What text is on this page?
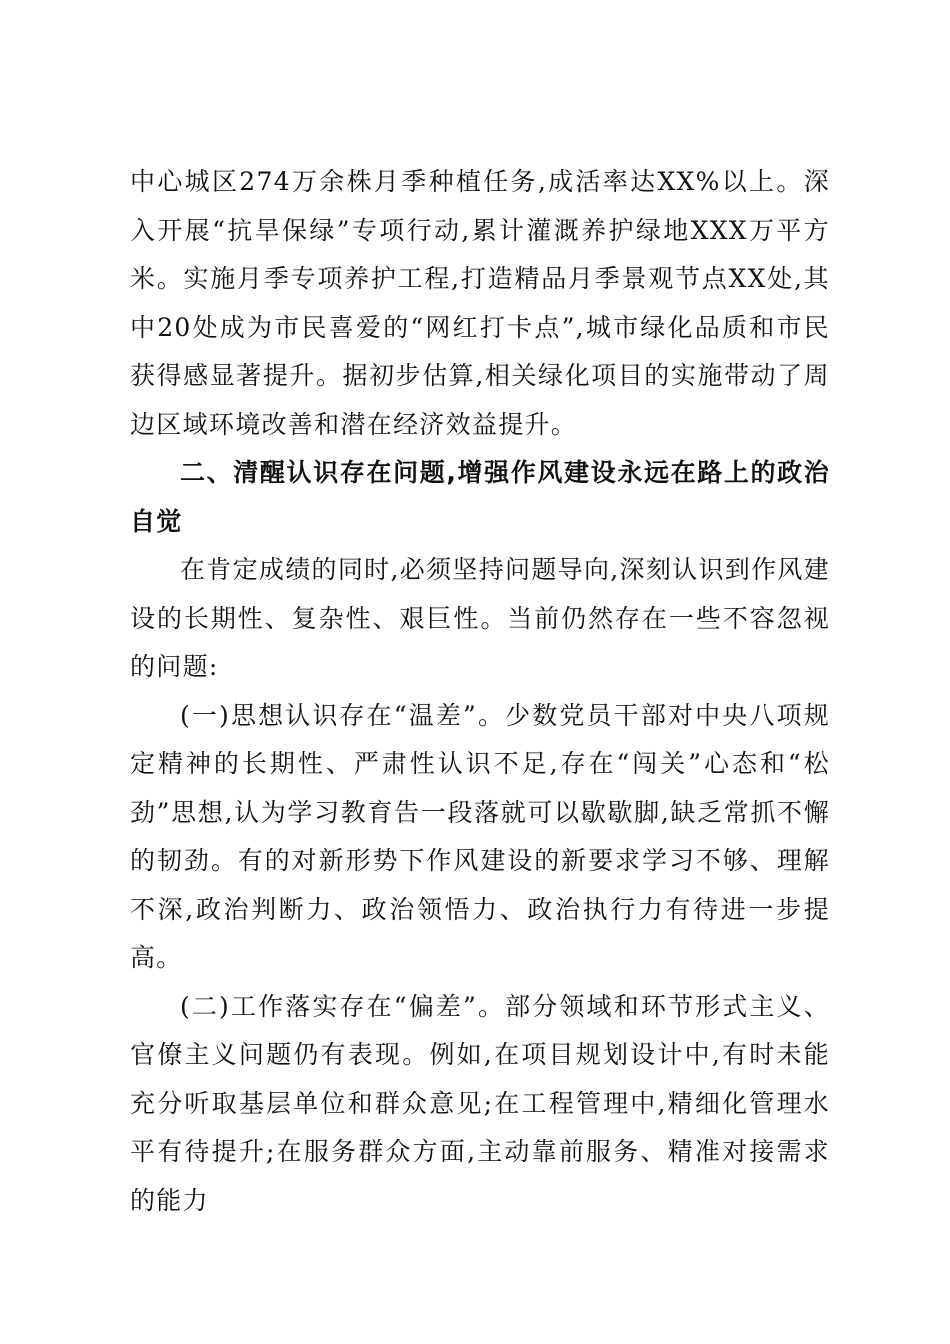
中心城区274万余株月季种植任务,成活率达XX%以上。深入开展“抗旱保绿”专项行动,累计灌溉养护绿地XXX万平方米。实施月季专项养护工程,打造精品月季景观节点XX处,其中20处成为市民喜爱的“网红打卡点”,城市绿化品质和市民获得感显著提升。据初步估算,相关绿化项目的实施带动了周边区域环境改善和潜在经济效益提升。

二、清醒认识存在问题,增强作风建设永远在路上的政治自觉

在肯定成绩的同时,必须坚持问题导向,深刻认识到作风建设的长期性、复杂性、艰巨性。当前仍然存在一些不容忽视的问题:

(一)思想认识存在“温差”。少数党员干部对中央八项规定精神的长期性、严肃性认识不足,存在“闯关”心态和“松劲”思想,认为学习教育告一段落就可以歇歇脚,缺乏常抓不懈的韧劲。有的对新形势下作风建设的新要求学习不够、理解不深,政治判断力、政治领悟力、政治执行力有待进一步提高。

(二)工作落实存在“偏差”。部分领域和环节形式主义、官僚主义问题仍有表现。例如,在项目规划设计中,有时未能充分听取基层单位和群众意见;在工程管理中,精细化管理水平有待提升;在服务群众方面,主动靠前服务、精准对接需求的能力
